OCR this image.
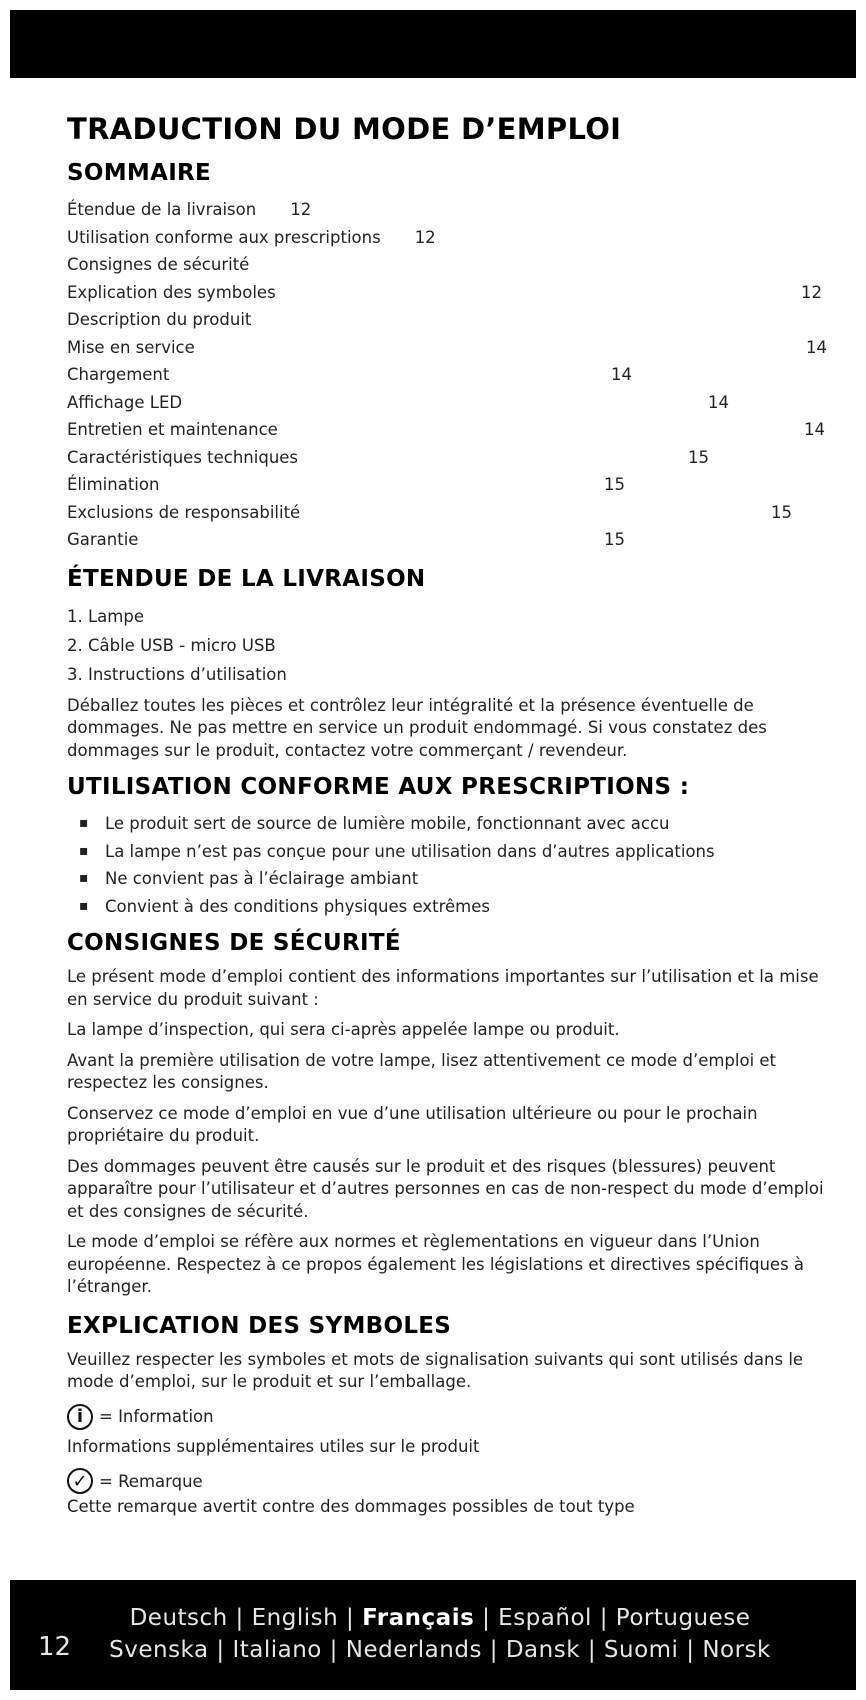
TRADUCTION DU MODE D’EMPLOI
SOMMAIRE
Étendue de la livraison 12
Utilisation conforme aux prescriptions 12
Consignes de sécurité
Explication des symboles	12
Description du produit
Mise en service	14
Chargement	14
Affichage LED	14
Entretien et maintenance	14
Caractéristiques techniques	15
Élimination	15
Exclusions de responsabilité	15
Garantie	15
ÉTENDUE DE LA LIVRAISON
1. Lampe
2. Câble USB - micro USB
3. Instructions d’utilisation

Déballez toutes les pièces et contrôlez leur intégralité et la présence éventuelle de dommages. Ne pas mettre en service un produit endommagé. Si vous constatez des dommages sur le produit, contactez votre commerçant / revendeur.

UTILISATION CONFORME AUX PRESCRIPTIONS :
▪ Le produit sert de source de lumière mobile, fonctionnant avec accu
▪ La lampe n’est pas conçue pour une utilisation dans d’autres applications
▪ Ne convient pas à l’éclairage ambiant
▪ Convient à des conditions physiques extrêmes
CONSIGNES DE SÉCURITÉ

Le présent mode d’emploi contient des informations importantes sur l’utilisation et la mise en service du produit suivant :

La lampe d’inspection, qui sera ci-après appelée lampe ou produit.

Avant la première utilisation de votre lampe, lisez attentivement ce mode d’emploi et respectez les consignes.

Conservez ce mode d’emploi en vue d’une utilisation ultérieure ou pour le prochain propriétaire du produit.

Des dommages peuvent être causés sur le produit et des risques (blessures) peuvent apparaître pour l’utilisateur et d’autres personnes en cas de non-respect du mode d’emploi et des consignes de sécurité.

Le mode d’emploi se réfère aux normes et règlementations en vigueur dans l’Union européenne. Respectez à ce propos également les législations et directives spécifiques à l’étranger.

EXPLICATION DES SYMBOLES

Veuillez respecter les symboles et mots de signalisation suivants qui sont utilisés dans le mode d’emploi, sur le produit et sur l’emballage.

i = Information

Informations supplémentaires utiles sur le produit

✓ = Remarque

Cette remarque avertit contre des dommages possibles de tout type

12
Deutsch | English | Français | Español | Portuguese
Svenska | Italiano | Nederlands | Dansk | Suomi | Norsk
